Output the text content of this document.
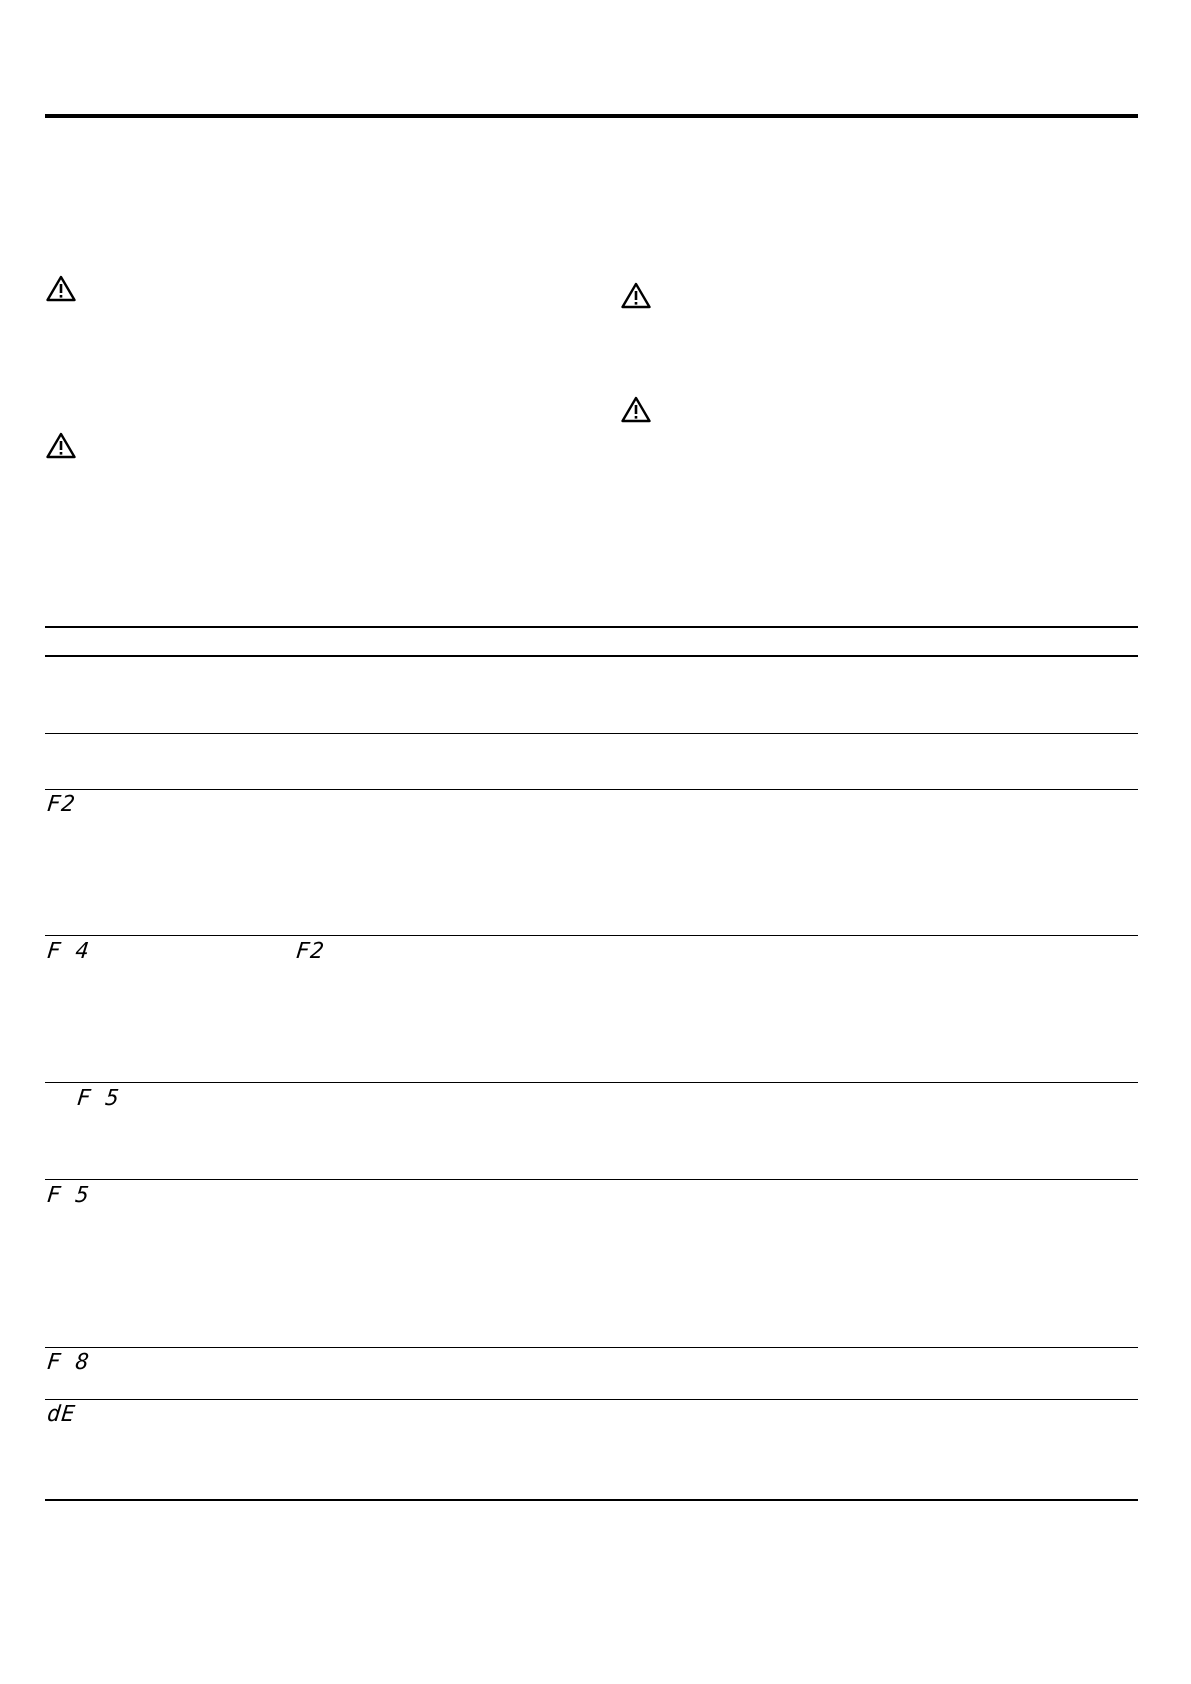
F2
F 4	F2
F 5
F 5
F 8
dE
